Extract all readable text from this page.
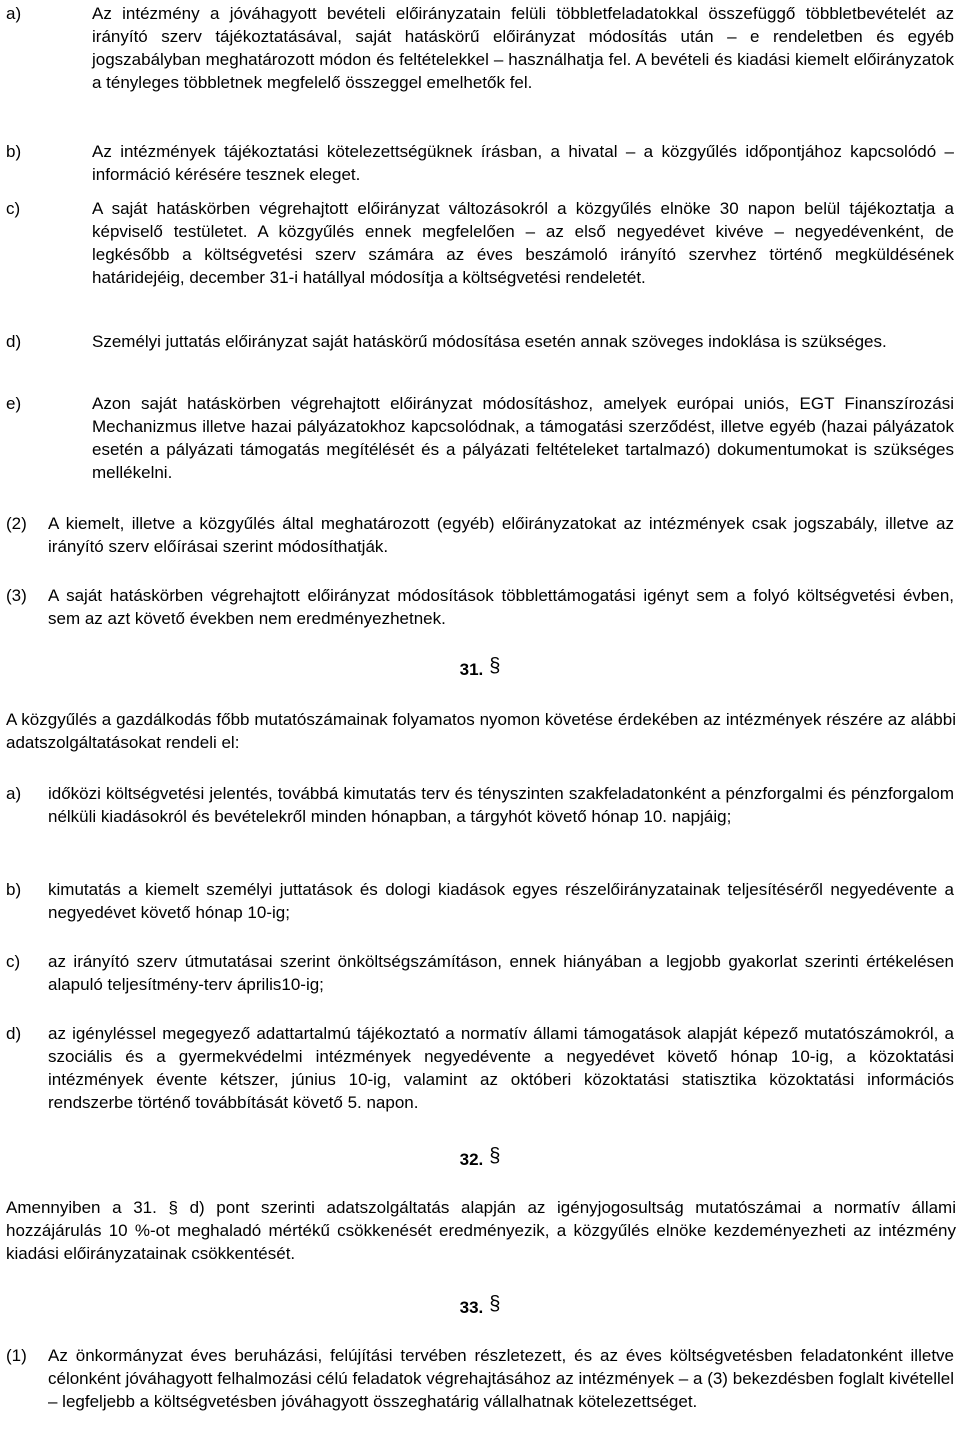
a)	Az intézmény a jóváhagyott bevételi előirányzatain felüli többletfeladatokkal összefüggő többletbevételét az irányító szerv tájékoztatásával, saját hatáskörű előirányzat módosítás után – e rendeletben és egyéb jogszabályban meghatározott módon és feltételekkel – használhatja fel. A bevételi és kiadási kiemelt előirányzatok a tényleges többletnek megfelelő összeggel emelhetők fel.
b)	Az intézmények tájékoztatási kötelezettségüknek írásban, a hivatal – a közgyűlés időpontjához kapcsolódó – információ kérésére tesznek eleget.
c)	A saját hatáskörben végrehajtott előirányzat változásokról a közgyűlés elnöke 30 napon belül tájékoztatja a képviselő testületet. A közgyűlés ennek megfelelően – az első negyedévet kivéve – negyedévenként, de legkésőbb a költségvetési szerv számára az éves beszámoló irányító szervhez történő megküldésének határidejéig, december 31-i hatállyal módosítja a költségvetési rendeletét.
d)	Személyi juttatás előirányzat saját hatáskörű módosítása esetén annak szöveges indoklása is szükséges.
e)	Azon saját hatáskörben végrehajtott előirányzat módosításhoz, amelyek európai uniós, EGT Finanszírozási Mechanizmus illetve hazai pályázatokhoz kapcsolódnak, a támogatási szerződést, illetve egyéb (hazai pályázatok esetén a pályázati támogatás megítélését és a pályázati feltételeket tartalmazó) dokumentumokat is szükséges mellékelni.
(2) A kiemelt, illetve a közgyűlés által meghatározott (egyéb) előirányzatokat az intézmények csak jogszabály, illetve az irányító szerv előírásai szerint módosíthatják.
(3) A saját hatáskörben végrehajtott előirányzat módosítások többlettámogatási igényt sem a folyó költségvetési évben, sem az azt követő években nem eredményezhetnek.
31. §
A közgyűlés a gazdálkodás főbb mutatószámainak folyamatos nyomon követése érdekében az intézmények részére az alábbi adatszolgáltatásokat rendeli el:
a) időközi költségvetési jelentés, továbbá kimutatás terv és tényszinten szakfeladatonként a pénzforgalmi és pénzforgalom nélküli kiadásokról és bevételekről minden hónapban, a tárgyhót követő hónap 10. napjáig;
b) kimutatás a kiemelt személyi juttatások és dologi kiadások egyes részelőirányzatainak teljesítéséről negyedévente a negyedévet követő hónap 10-ig;
c) az irányító szerv útmutatásai szerint önköltségszámításon, ennek hiányában a legjobb gyakorlat szerinti értékelésen alapuló teljesítmény-terv április10-ig;
d) az igényléssel megegyező adattartalmú tájékoztató a normatív állami támogatások alapját képező mutatószámokról, a szociális és a gyermekvédelmi intézmények negyedévente a negyedévet követő hónap 10-ig, a közoktatási intézmények évente kétszer, június 10-ig, valamint az októberi közoktatási statisztika közoktatási információs rendszerbe történő továbbítását követő 5. napon.
32. §
Amennyiben a 31. § d) pont szerinti adatszolgáltatás alapján az igényjogosultság mutatószámai a normatív állami hozzájárulás 10 %-ot meghaladó mértékű csökkenését eredményezik, a közgyűlés elnöke kezdeményezheti az intézmény kiadási előirányzatainak csökkentését.
33. §
(1) Az önkormányzat éves beruházási, felújítási tervében részletezett, és az éves költségvetésben feladatonként illetve célonként jóváhagyott felhalmozási célú feladatok végrehajtásához az intézmények – a (3) bekezdésben foglalt kivétellel – legfeljebb a költségvetésben jóváhagyott összeghatárig vállalhatnak kötelezettséget.
